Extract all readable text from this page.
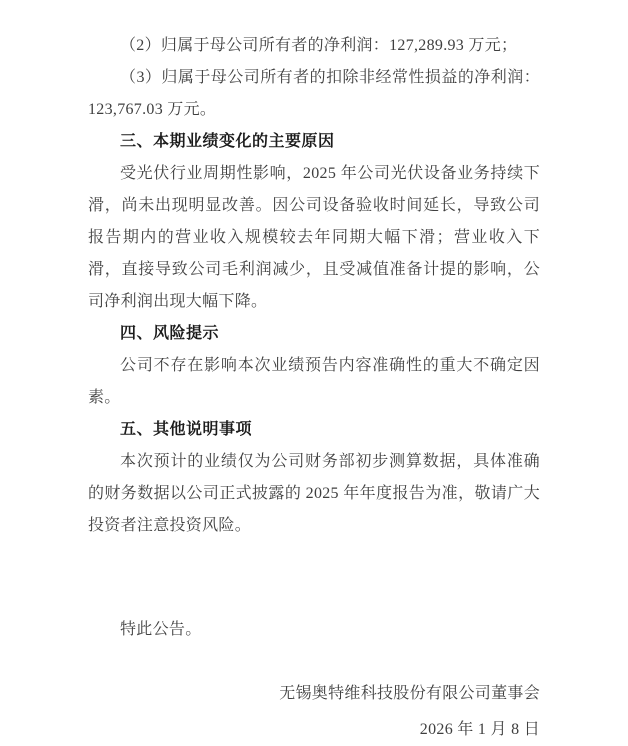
（2）归属于母公司所有者的净利润：127,289.93 万元；

（3）归属于母公司所有者的扣除非经常性损益的净利润：123,767.03 万元。

三、本期业绩变化的主要原因

受光伏行业周期性影响，2025 年公司光伏设备业务持续下滑，尚未出现明显改善。因公司设备验收时间延长，导致公司报告期内的营业收入规模较去年同期大幅下滑；营业收入下滑，直接导致公司毛利润减少，且受减值准备计提的影响，公司净利润出现大幅下降。

四、风险提示

公司不存在影响本次业绩预告内容准确性的重大不确定因素。

五、其他说明事项

本次预计的业绩仅为公司财务部初步测算数据，具体准确的财务数据以公司正式披露的 2025 年年度报告为准，敬请广大投资者注意投资风险。

特此公告。

无锡奥特维科技股份有限公司董事会

2026 年 1 月 8 日
